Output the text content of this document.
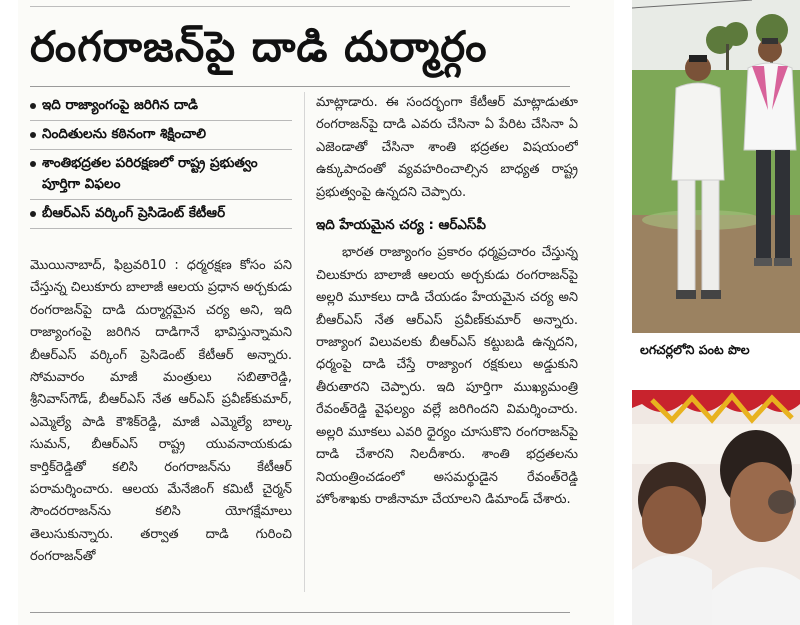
రంగరాజన్‌పై దాడి దుర్మార్గం
ఇది రాజ్యాంగంపై జరిగిన దాడి
నిందితులను కఠినంగా శిక్షించాలి
శాంతిభద్రతల పరిరక్షణలో రాష్ట్ర ప్రభుత్వం పూర్తిగా విఫలం
బీఆర్‌ఎస్ వర్కింగ్ ప్రెసిడెంట్ కేటీఆర్

మొయినాబాద్, ఫిబ్రవరి10 : ధర్మరక్షణ కోసం పని చేస్తున్న చిలుకూరు బాలాజీ ఆలయ ప్రధాన అర్చకుడు రంగరాజన్‌పై దాడి దుర్మార్గమైన చర్య అని, ఇది రాజ్యాంగంపై జరిగిన దాడిగానే భావిస్తున్నామని బీఆర్‌ఎస్ వర్కింగ్ ప్రెసిడెంట్ కేటీఆర్ అన్నారు. సోమవారం మాజీ మంత్రులు సబితారెడ్డి, శ్రీనివాస్‌గౌడ్, బీఆర్‌ఎస్ నేత ఆర్‌ఎస్ ప్రవీణ్‌కుమార్, ఎమ్మెల్యే పాడి కౌశిక్‌రెడ్డి, మాజీ ఎమ్మెల్యే బాల్క సుమన్, బీఆర్‌ఎస్ రాష్ట్ర యువనాయకుడు కార్తిక్‌రెడ్డితో కలిసి రంగరాజన్‌ను కేటీఆర్ పరామర్శించారు. ఆలయ మేనేజింగ్ కమిటీ చైర్మన్ సౌందరరాజన్‌ను కలిసి యోగక్షేమాలు తెలుసుకున్నారు. తర్వాత దాడి గురించి రంగరాజన్‌తో

మాట్లాడారు. ఈ సందర్భంగా కేటీఆర్ మాట్లాడుతూ రంగరాజన్‌పై దాడి ఎవరు చేసినా ఏ పేరిట చేసినా ఏ ఎజెండాతో చేసినా శాంతి భద్రతల విషయంలో ఉక్కుపాదంతో వ్యవహరించాల్సిన బాధ్యత రాష్ట్ర ప్రభుత్వంపై ఉన్నదని చెప్పారు.

ఇది హేయమైన చర్య : ఆర్‌ఎస్‌పీ

భారత రాజ్యాంగం ప్రకారం ధర్మప్రచారం చేస్తున్న చిలుకూరు బాలాజీ ఆలయ అర్చకుడు రంగరాజన్‌పై అల్లరి మూకలు దాడి చేయడం హేయమైన చర్య అని బీఆర్‌ఎస్ నేత ఆర్‌ఎస్ ప్రవీణ్‌కుమార్ అన్నారు. రాజ్యాంగ విలువలకు బీఆర్‌ఎస్ కట్టుబడి ఉన్నదని, ధర్మంపై దాడి చేస్తే రాజ్యాంగ రక్షకులు అడ్డుకుని తీరుతారని చెప్పారు. ఇది పూర్తిగా ముఖ్యమంత్రి రేవంత్‌రెడ్డి వైఫల్యం వల్లే జరిగిందని విమర్శించారు. అల్లరి మూకలు ఎవరి ధైర్యం చూసుకొని రంగరాజన్‌పై దాడి చేశారని నిలదీశారు. శాంతి భద్రతలను నియంత్రించడంలో అసమర్థుడైన రేవంత్‌రెడ్డి హోంశాఖకు రాజీనామా చేయాలని డిమాండ్ చేశారు.

లగచర్లలోని పంట పొల
